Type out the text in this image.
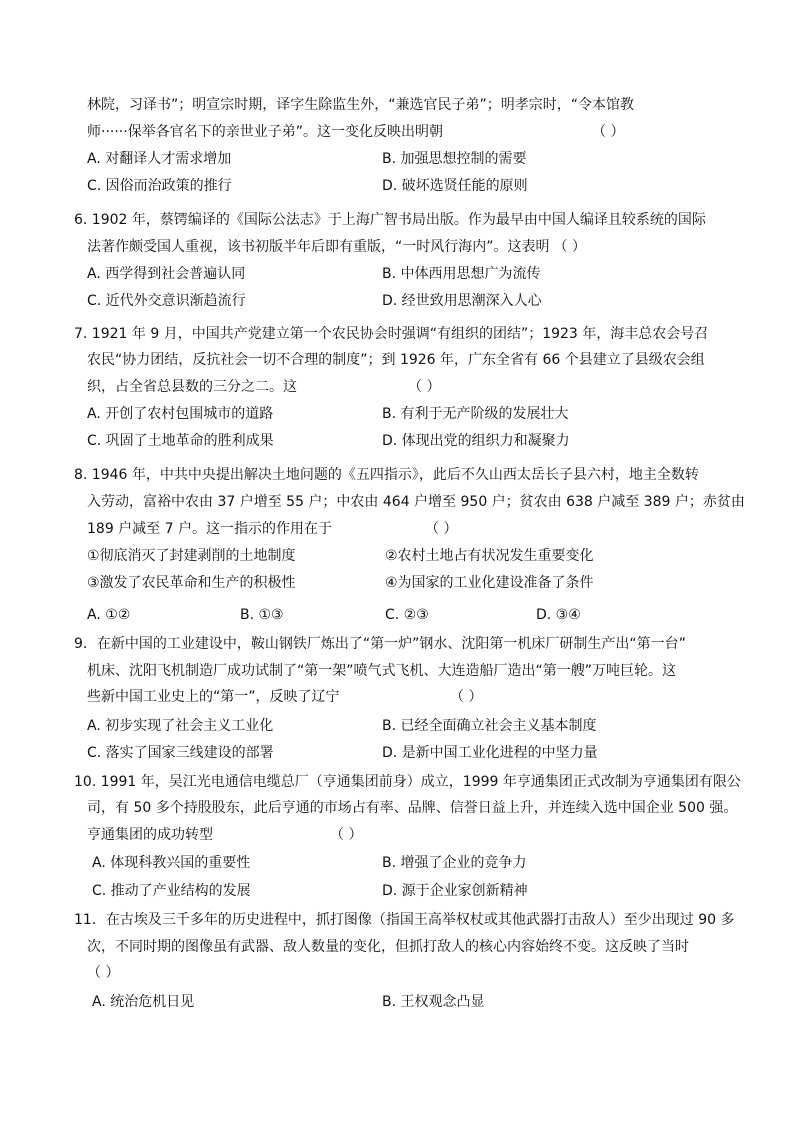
林院，习译书”；明宣宗时期，译字生除监生外，“兼选官民子弟”；明孝宗时，“令本馆教
师······保举各官名下的亲世业子弟”。这一变化反映出明朝	（ ）
A. 对翻译人才需求增加	B. 加强思想控制的需要
C. 因俗而治政策的推行	D. 破坏选贤任能的原则
6. 1902 年，蔡锷编译的《国际公法志》于上海广智书局出版。作为最早由中国人编译且较系统的国际
法著作颇受国人重视，该书初版半年后即有重版，“一时风行海内”。这表明 （ ）
A. 西学得到社会普遍认同	B. 中体西用思想广为流传
C. 近代外交意识渐趋流行	D. 经世致用思潮深入人心
7. 1921 年 9 月，中国共产党建立第一个农民协会时强调“有组织的团结”；1923 年，海丰总农会号召
农民“协力团结，反抗社会一切不合理的制度”；到 1926 年，广东全省有 66 个县建立了县级农会组
织，占全省总县数的三分之二。这	（ ）
A. 开创了农村包围城市的道路	B. 有利于无产阶级的发展壮大
C. 巩固了土地革命的胜利成果	D. 体现出党的组织力和凝聚力
8. 1946 年，中共中央提出解决土地问题的《五四指示》，此后不久山西太岳长子县六村，地主全数转
入劳动，富裕中农由 37 户增至 55 户；中农由 464 户增至 950 户；贫农由 638 户减至 389 户；赤贫由
189 户减至 7 户。这一指示的作用在于	（ ）
①彻底消灭了封建剥削的土地制度	②农村土地占有状况发生重要变化
③激发了农民革命和生产的积极性	④为国家的工业化建设准备了条件
A. ①②	B. ①③	C. ②③	D. ③④
9．在新中国的工业建设中，鞍山钢铁厂炼出了“第一炉”钢水、沈阳第一机床厂研制生产出“第一台”
机床、沈阳飞机制造厂成功试制了“第一架”喷气式飞机、大连造船厂造出“第一艘”万吨巨轮。这
些新中国工业史上的“第一”，反映了辽宁	（ ）
A. 初步实现了社会主义工业化	B. 已经全面确立社会主义基本制度
C. 落实了国家三线建设的部署	D. 是新中国工业化进程的中坚力量
10. 1991 年，吴江光电通信电缆总厂（亨通集团前身）成立，1999 年亨通集团正式改制为亨通集团有限公
司，有 50 多个持股股东，此后亨通的市场占有率、品牌、信誉日益上升，并连续入选中国企业 500 强。
亨通集团的成功转型	（ ）
A. 体现科教兴国的重要性	B. 增强了企业的竞争力
C. 推动了产业结构的发展	D. 源于企业家创新精神
11．在古埃及三千多年的历史进程中，抓打图像（指国王高举权杖或其他武器打击敌人）至少出现过 90 多
次，不同时期的图像虽有武器、敌人数量的变化，但抓打敌人的核心内容始终不变。这反映了当时
（ ）
A. 统治危机日见	B. 王权观念凸显
